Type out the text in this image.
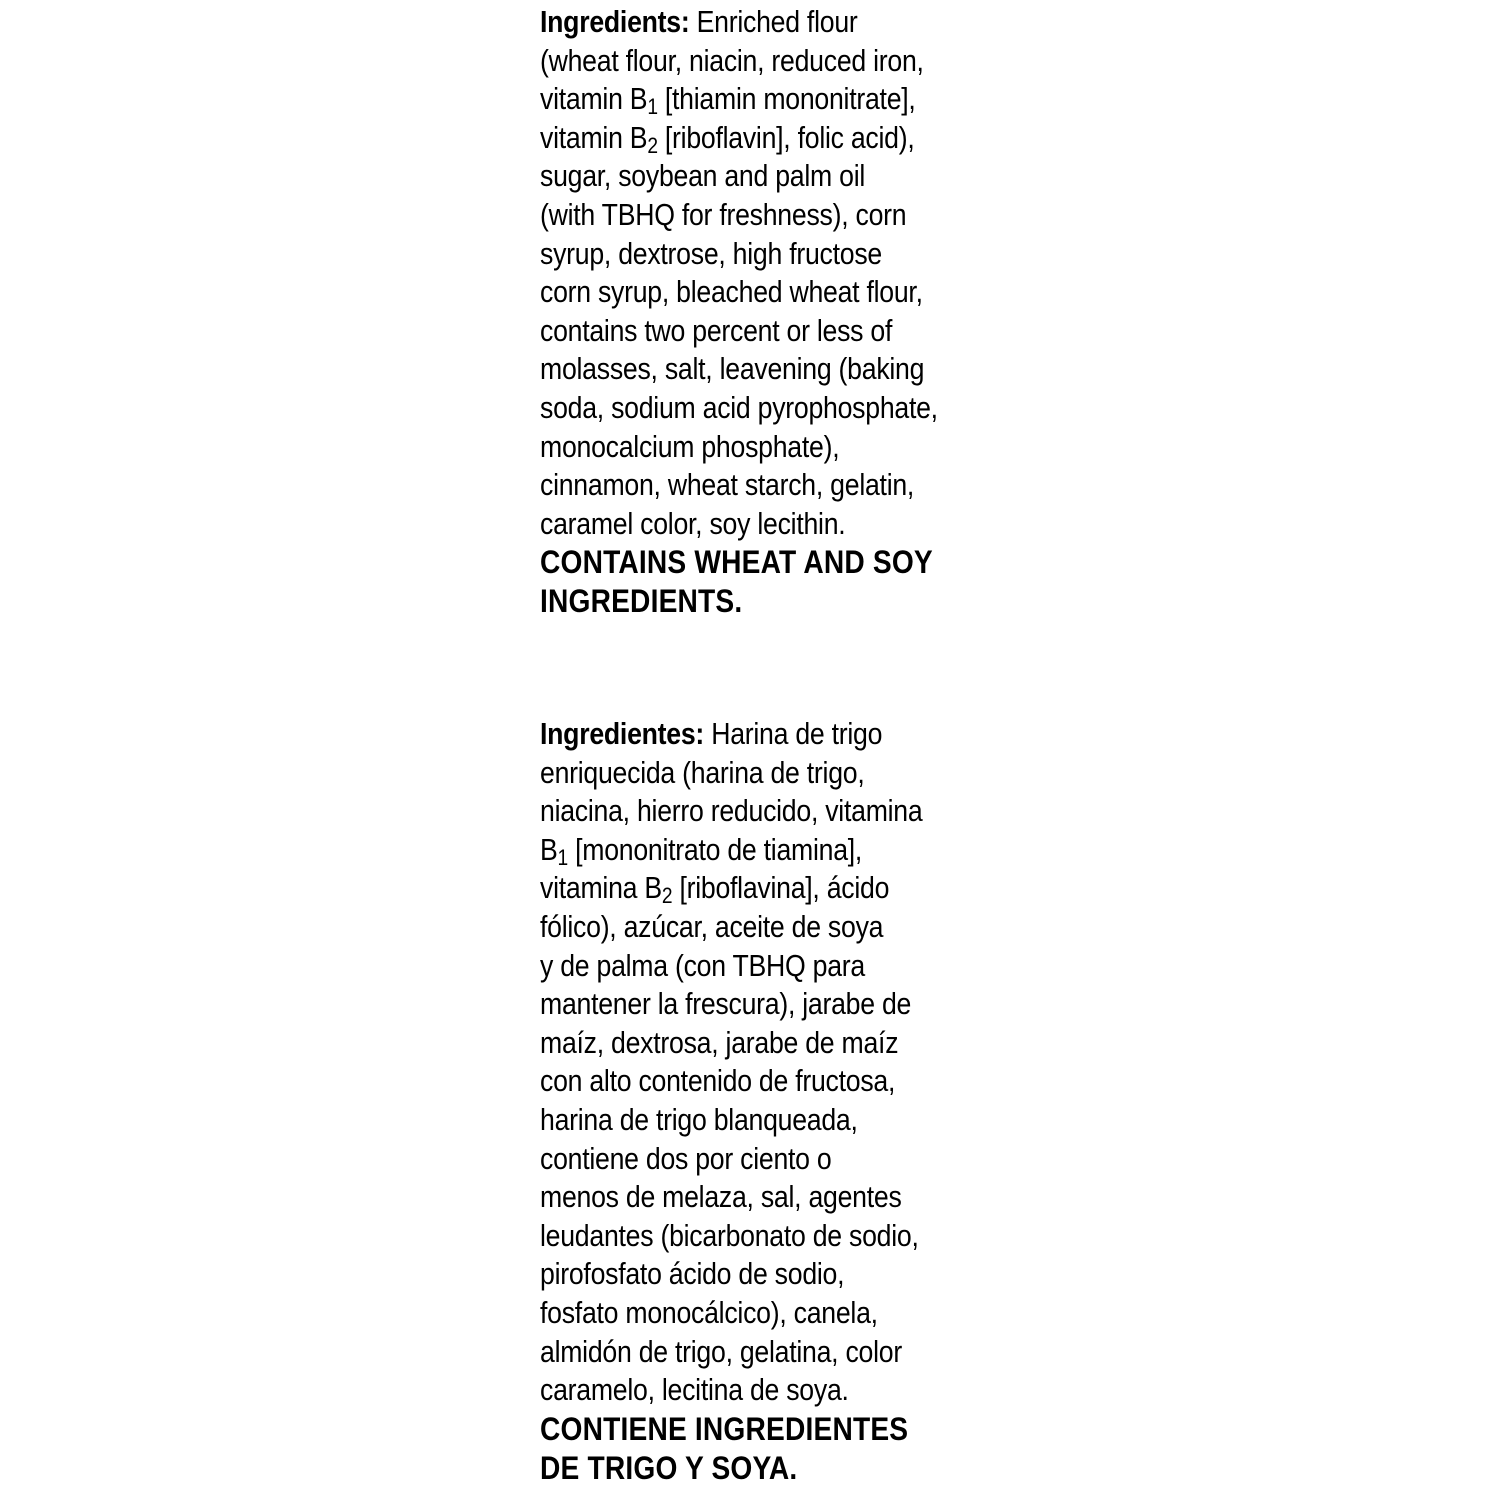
Ingredients: Enriched flour
(wheat flour, niacin, reduced iron,
vitamin $B_1$ [thiamin mononitrate],
vitamin $B_2$ [riboflavin], folic acid),
sugar, soybean and palm oil
(with TBHQ for freshness), corn
syrup, dextrose, high fructose
corn syrup, bleached wheat flour,
contains two percent or less of
molasses, salt, leavening (baking
soda, sodium acid pyrophosphate,
monocalcium phosphate),
cinnamon, wheat starch, gelatin,
caramel color, soy lecithin.
CONTAINS WHEAT AND SOY
INGREDIENTS.
Ingredientes: Harina de trigo
enriquecida (harina de trigo,
niacina, hierro reducido, vitamina
$B_1$ [mononitrato de tiamina],
vitamina $B_2$ [riboflavina], ácido
fólico), azúcar, aceite de soya
y de palma (con TBHQ para
mantener la frescura), jarabe de
maíz, dextrosa, jarabe de maíz
con alto contenido de fructosa,
harina de trigo blanqueada,
contiene dos por ciento o
menos de melaza, sal, agentes
leudantes (bicarbonato de sodio,
pirofosfato ácido de sodio,
fosfato monocálcico), canela,
almidón de trigo, gelatina, color
caramelo, lecitina de soya.
CONTIENE INGREDIENTES
DE TRIGO Y SOYA.
